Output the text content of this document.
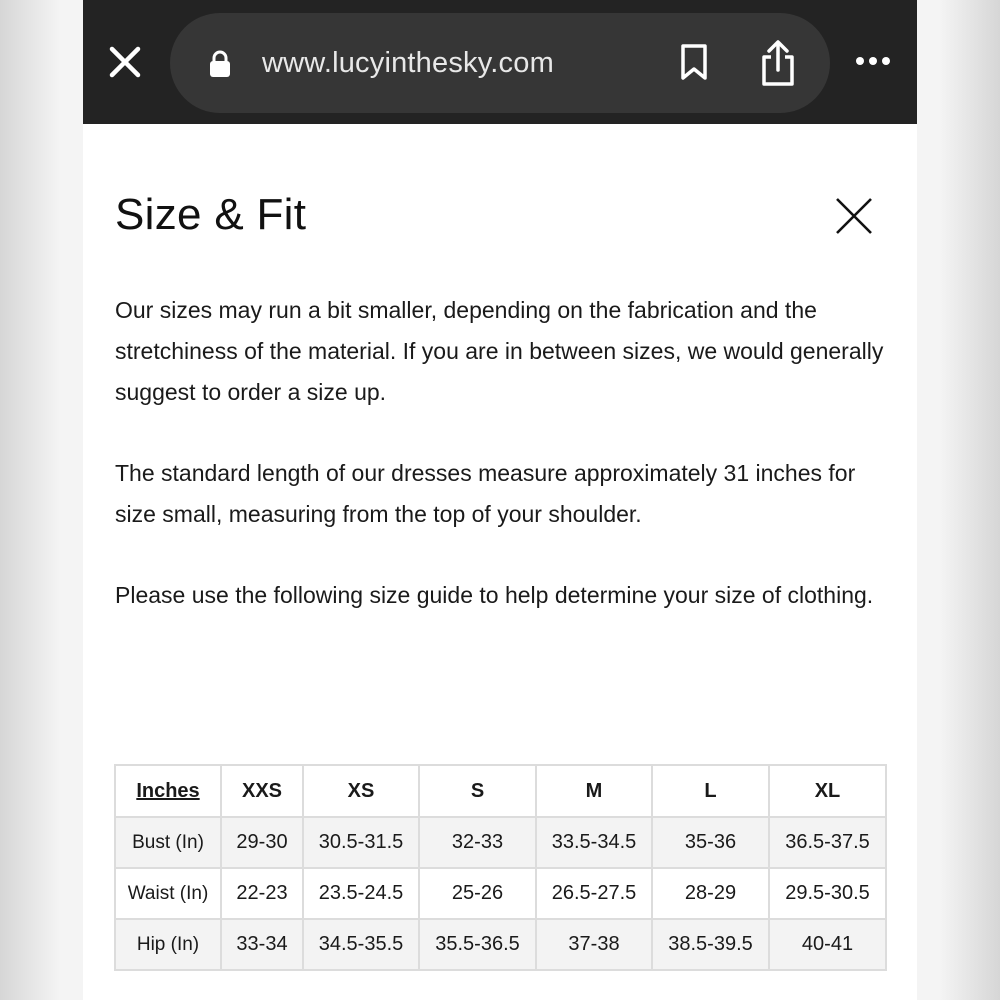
www.lucyinthesky.com
Size & Fit

Our sizes may run a bit smaller, depending on the fabrication and the stretchiness of the material. If you are in between sizes, we would generally suggest to order a size up.

The standard length of our dresses measure approximately 31 inches for size small, measuring from the top of your shoulder.

Please use the following size guide to help determine your size of clothing.

Inches	XXS	XS	S	M	L	XL
Bust (In)	29-30	30.5-31.5	32-33	33.5-34.5	35-36	36.5-37.5
Waist (In)	22-23	23.5-24.5	25-26	26.5-27.5	28-29	29.5-30.5
Hip (In)	33-34	34.5-35.5	35.5-36.5	37-38	38.5-39.5	40-41
